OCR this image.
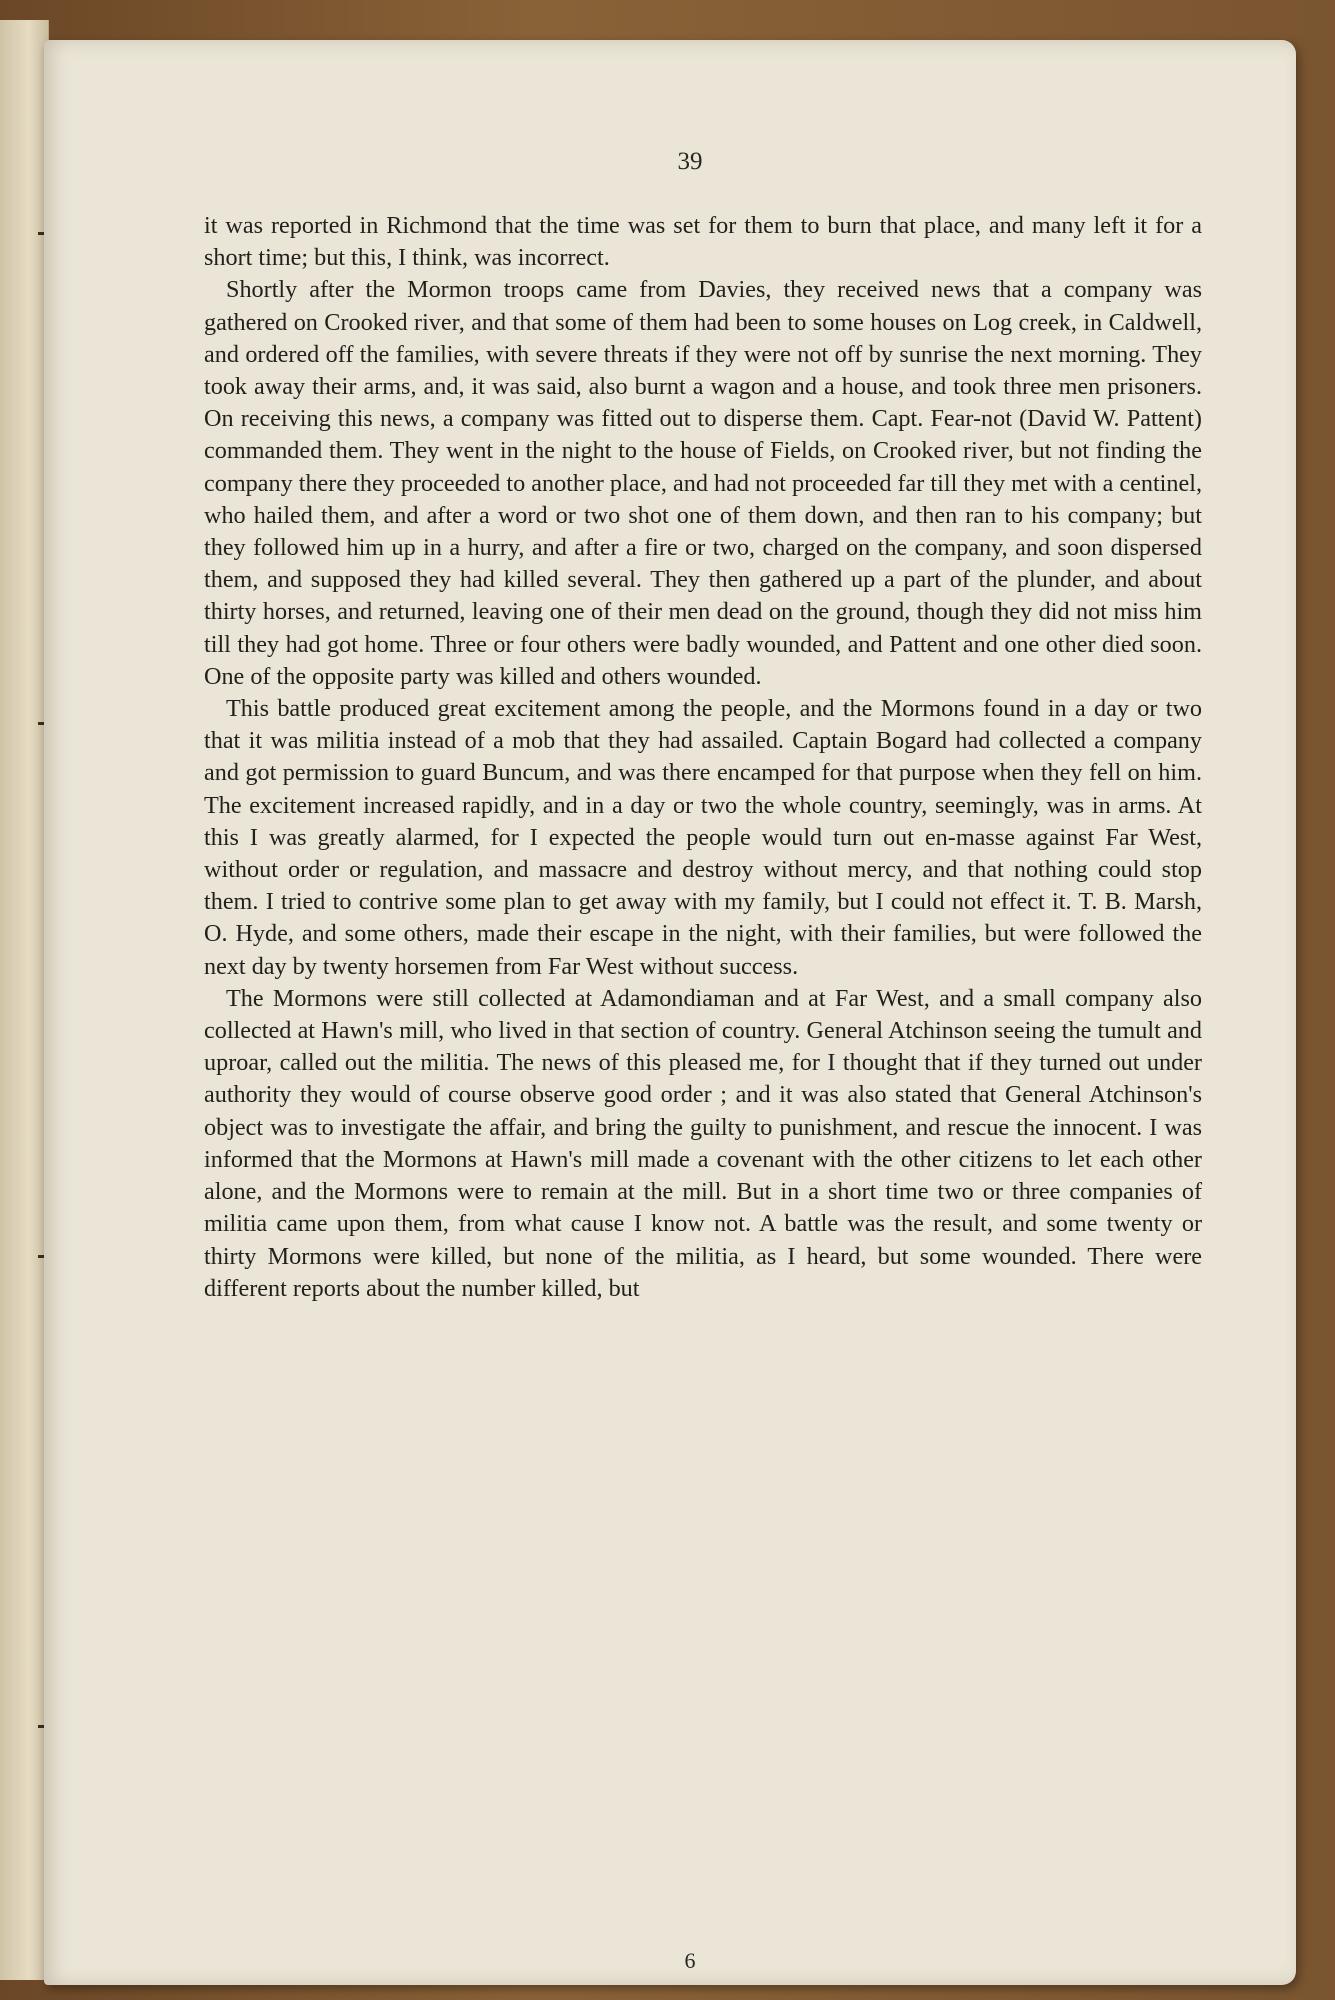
39

it was reported in Richmond that the time was set for them to burn that place, and many left it for a short time; but this, I think, was incorrect.

Shortly after the Mormon troops came from Davies, they received news that a company was gathered on Crooked river, and that some of them had been to some houses on Log creek, in Caldwell, and ordered off the families, with severe threats if they were not off by sunrise the next morning. They took away their arms, and, it was said, also burnt a wagon and a house, and took three men prisoners. On receiving this news, a company was fitted out to disperse them. Capt. Fear-not (David W. Pattent) commanded them. They went in the night to the house of Fields, on Crooked river, but not finding the company there they proceeded to another place, and had not proceeded far till they met with a centinel, who hailed them, and after a word or two shot one of them down, and then ran to his company; but they followed him up in a hurry, and after a fire or two, charged on the company, and soon dispersed them, and supposed they had killed several. They then gathered up a part of the plunder, and about thirty horses, and returned, leaving one of their men dead on the ground, though they did not miss him till they had got home. Three or four others were badly wounded, and Pattent and one other died soon. One of the opposite party was killed and others wounded.

This battle produced great excitement among the people, and the Mormons found in a day or two that it was militia instead of a mob that they had assailed. Captain Bogard had collected a company and got permission to guard Buncum, and was there encamped for that purpose when they fell on him. The excitement increased rapidly, and in a day or two the whole country, seemingly, was in arms. At this I was greatly alarmed, for I expected the people would turn out en-masse against Far West, without order or regulation, and massacre and destroy without mercy, and that nothing could stop them. I tried to contrive some plan to get away with my family, but I could not effect it. T. B. Marsh, O. Hyde, and some others, made their escape in the night, with their families, but were followed the next day by twenty horsemen from Far West without success.

The Mormons were still collected at Adamondiaman and at Far West, and a small company also collected at Hawn's mill, who lived in that section of country. General Atchinson seeing the tumult and uproar, called out the militia. The news of this pleased me, for I thought that if they turned out under authority they would of course observe good order ; and it was also stated that General Atchinson's object was to investigate the affair, and bring the guilty to punishment, and rescue the innocent. I was informed that the Mormons at Hawn's mill made a covenant with the other citizens to let each other alone, and the Mormons were to remain at the mill. But in a short time two or three companies of militia came upon them, from what cause I know not. A battle was the result, and some twenty or thirty Mormons were killed, but none of the militia, as I heard, but some wounded. There were different reports about the number killed, but

6
